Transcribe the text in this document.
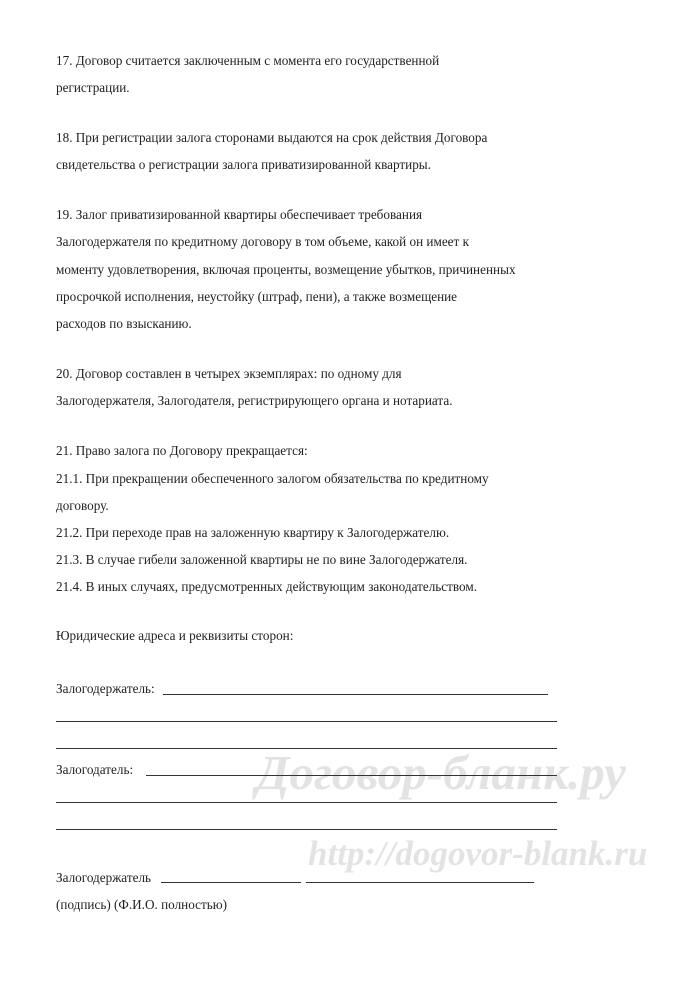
Договор-бланк.ру
http://dogovor-blank.ru
17. Договор считается заключенным с момента его государственной
регистрации.
18. При регистрации залога сторонами выдаются на срок действия Договора
свидетельства о регистрации залога приватизированной квартиры.
19. Залог приватизированной квартиры обеспечивает требования
Залогодержателя по кредитному договору в том объеме, какой он имеет к
моменту удовлетворения, включая проценты, возмещение убытков, причиненных
просрочкой исполнения, неустойку (штраф, пени), а также возмещение
расходов по взысканию.
20. Договор составлен в четырех экземплярах: по одному для
Залогодержателя, Залогодателя, регистрирующего органа и нотариата.
21. Право залога по Договору прекращается:
21.1. При прекращении обеспеченного залогом обязательства по кредитному
договору.
21.2. При переходе прав на заложенную квартиру к Залогодержателю.
21.3. В случае гибели заложенной квартиры не по вине Залогодержателя.
21.4. В иных случаях, предусмотренных действующим законодательством.
Юридические адреса и реквизиты сторон:
Залогодержатель:
Залогодатель:
Залогодержатель
(подпись) (Ф.И.О. полностью)
